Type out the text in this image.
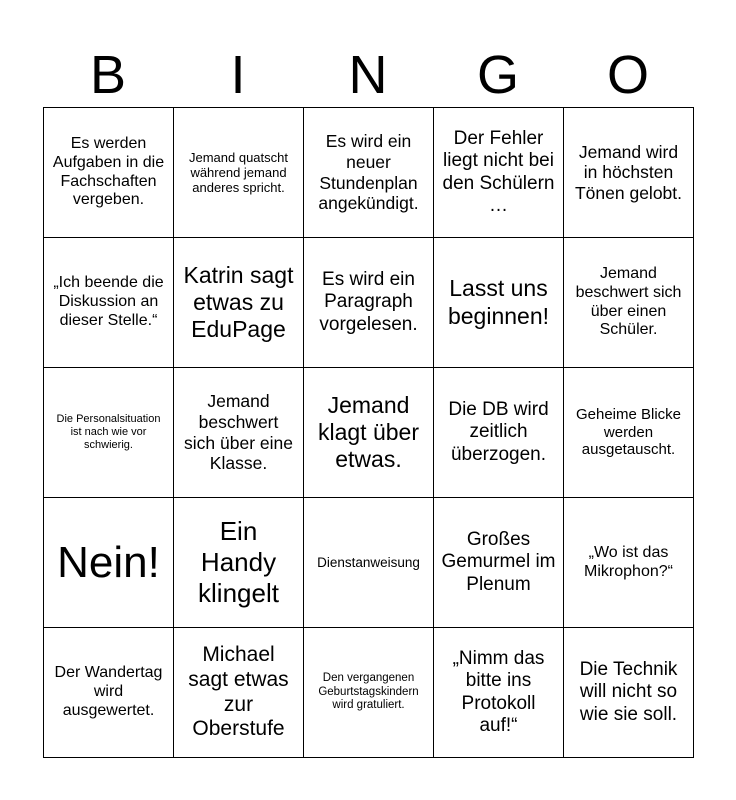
B	I	N	G	O
Es werden Aufgaben in die Fachschaften vergeben.	Jemand quatscht während jemand anderes spricht.	Es wird ein neuer Stundenplan angekündigt.	Der Fehler liegt nicht bei den Schülern …	Jemand wird in höchsten Tönen gelobt.
„Ich beende die Diskussion an dieser Stelle.“	Katrin sagt etwas zu EduPage	Es wird ein Paragraph vorgelesen.	Lasst uns beginnen!	Jemand beschwert sich über einen Schüler.
Die Personalsituation ist nach wie vor schwierig.	Jemand beschwert sich über eine Klasse.	Jemand klagt über etwas.	Die DB wird zeitlich überzogen.	Geheime Blicke werden ausgetauscht.
Nein!	Ein Handy klingelt	Dienstanweisung	Großes Gemurmel im Plenum	„Wo ist das Mikrophon?“
Der Wandertag wird ausgewertet.	Michael sagt etwas zur Oberstufe	Den vergangenen Geburtstagskindern wird gratuliert.	„Nimm das bitte ins Protokoll auf!“	Die Technik will nicht so wie sie soll.
